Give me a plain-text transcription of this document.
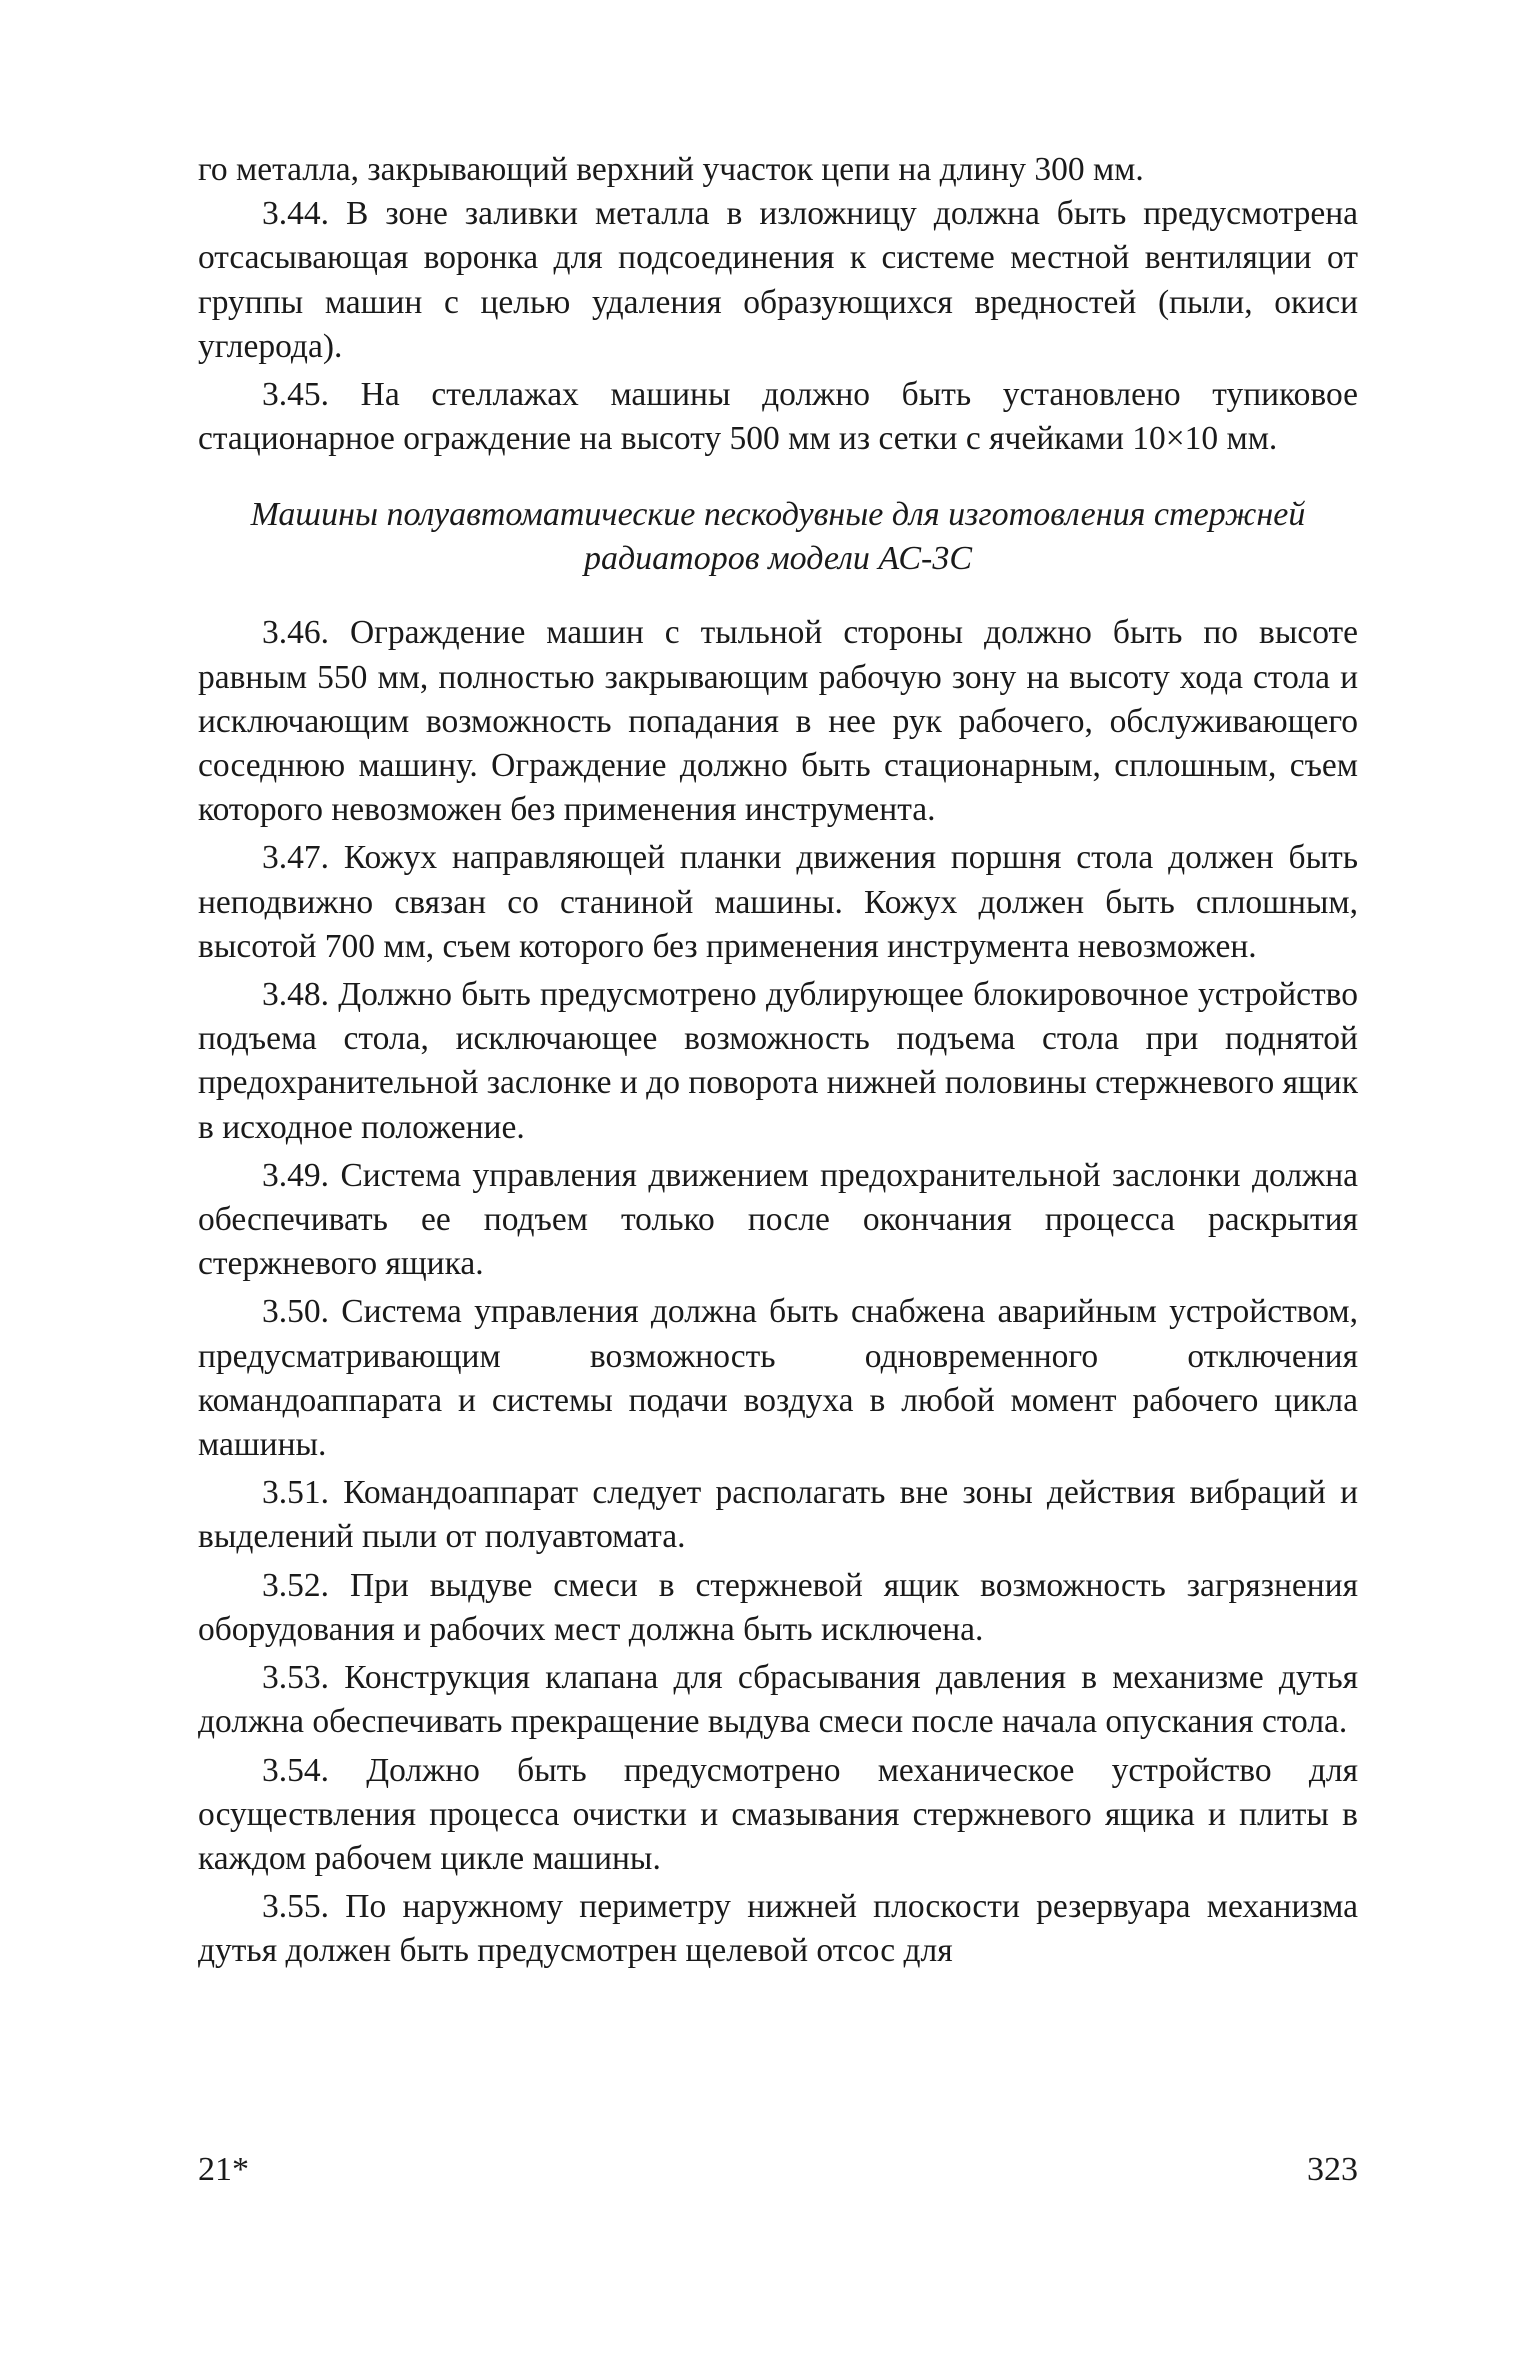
го металла, закрывающий верхний участок цепи на длину 300 мм.

3.44. В зоне заливки металла в изложницу должна быть предусмотрена отсасывающая воронка для подсоединения к системе местной вентиляции от группы машин с целью удаления образующихся вредностей (пыли, окиси углерода).

3.45. На стеллажах машины должно быть установлено тупиковое стационарное ограждение на высоту 500 мм из сетки с ячейками 10×10 мм.

Машины полуавтоматические пескодувные для изготовления стержней радиаторов модели АС-3С

3.46. Ограждение машин с тыльной стороны должно быть по высоте равным 550 мм, полностью закрывающим рабочую зону на высоту хода стола и исключающим возможность попадания в нее рук рабочего, обслуживающего соседнюю машину. Ограждение должно быть стационарным, сплошным, съем которого невозможен без применения инструмента.

3.47. Кожух направляющей планки движения поршня стола должен быть неподвижно связан со станиной машины. Кожух должен быть сплошным, высотой 700 мм, съем которого без применения инструмента невозможен.

3.48. Должно быть предусмотрено дублирующее блокировочное устройство подъема стола, исключающее возможность подъема стола при поднятой предохранительной заслонке и до поворота нижней половины стержневого ящик в исходное положение.

3.49. Система управления движением предохранительной заслонки должна обеспечивать ее подъем только после окончания процесса раскрытия стержневого ящика.

3.50. Система управления должна быть снабжена аварийным устройством, предусматривающим возможность одновременного отключения командоаппарата и системы подачи воздуха в любой момент рабочего цикла машины.

3.51. Командоаппарат следует располагать вне зоны действия вибраций и выделений пыли от полуавтомата.

3.52. При выдуве смеси в стержневой ящик возможность загрязнения оборудования и рабочих мест должна быть исключена.

3.53. Конструкция клапана для сбрасывания давления в механизме дутья должна обеспечивать прекращение выдува смеси после начала опускания стола.

3.54. Должно быть предусмотрено механическое устройство для осуществления процесса очистки и смазывания стержневого ящика и плиты в каждом рабочем цикле машины.

3.55. По наружному периметру нижней плоскости резервуара механизма дутья должен быть предусмотрен щелевой отсос для

21*	323
